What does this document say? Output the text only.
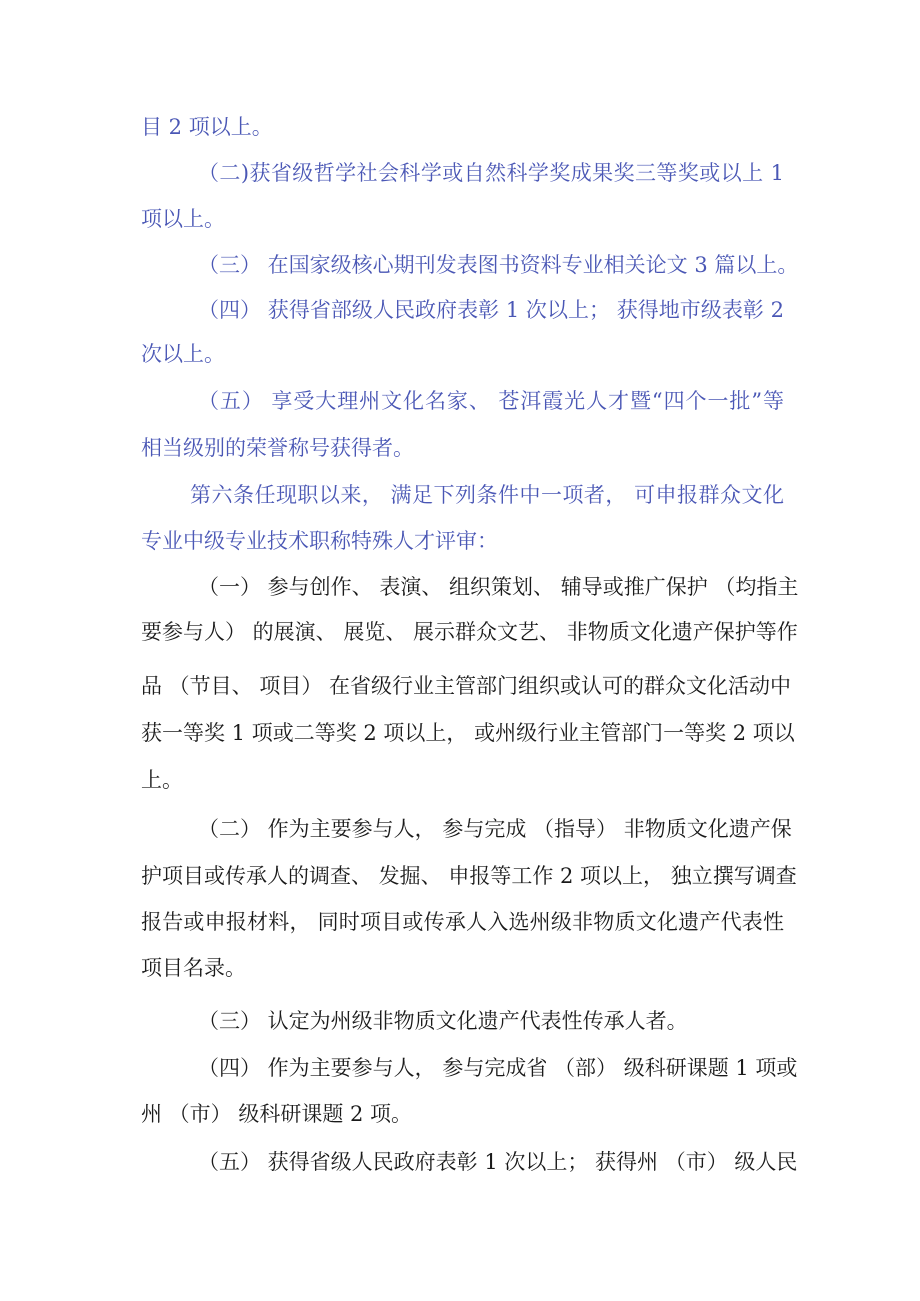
目 2 项以上。
（二)获省级哲学社会科学或自然科学奖成果奖三等奖或以上 1
项以上。
（三） 在国家级核心期刊发表图书资料专业相关论文 3 篇以上。
（四） 获得省部级人民政府表彰 1 次以上； 获得地市级表彰 2
次以上。
（五） 享受大理州文化名家、 苍洱霞光人才暨“四个一批”等
相当级别的荣誉称号获得者。
第六条任现职以来， 满足下列条件中一项者， 可申报群众文化
专业中级专业技术职称特殊人才评审：
（一） 参与创作、 表演、 组织策划、 辅导或推广保护 （均指主
要参与人） 的展演、 展览、 展示群众文艺、 非物质文化遗产保护等作
品 （节目、 项目） 在省级行业主管部门组织或认可的群众文化活动中
获一等奖 1 项或二等奖 2 项以上， 或州级行业主管部门一等奖 2 项以
上。
（二） 作为主要参与人， 参与完成 （指导） 非物质文化遗产保
护项目或传承人的调查、 发掘、 申报等工作 2 项以上， 独立撰写调查
报告或申报材料， 同时项目或传承人入选州级非物质文化遗产代表性
项目名录。
（三） 认定为州级非物质文化遗产代表性传承人者。
（四） 作为主要参与人， 参与完成省 （部） 级科研课题 1 项或
州 （市） 级科研课题 2 项。
（五） 获得省级人民政府表彰 1 次以上； 获得州 （市） 级人民
